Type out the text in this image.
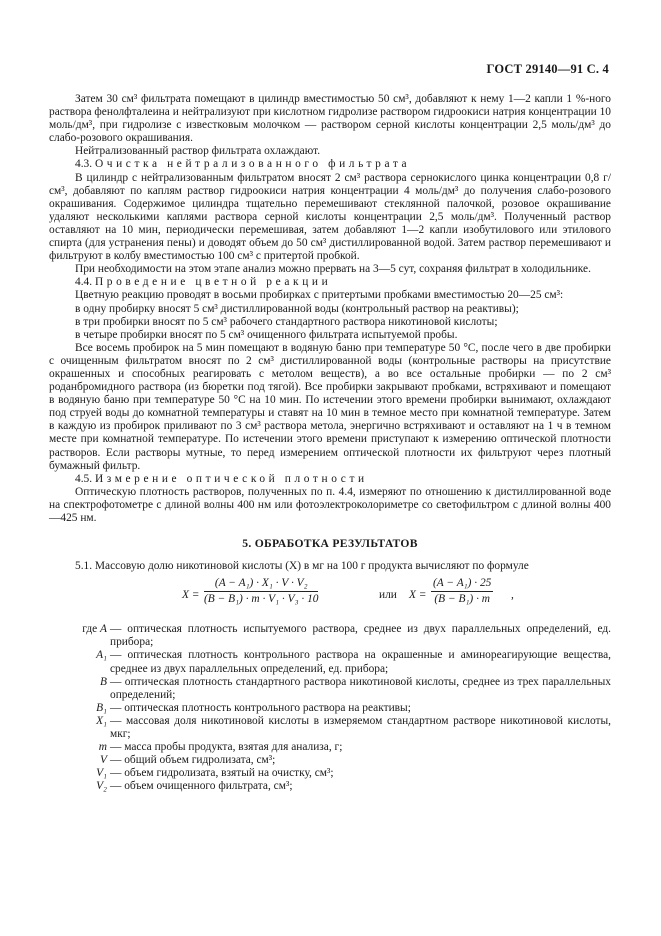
ГОСТ 29140—91 С. 4

Затем 30 см³ фильтрата помещают в цилиндр вместимостью 50 см³, добавляют к нему 1—2 капли 1 %-ного раствора фенолфталеина и нейтрализуют при кислотном гидролизе раствором гидроокиси натрия концентрации 10 моль/дм³, при гидролизе с известковым молочком — раствором серной кислоты концентрации 2,5 моль/дм³ до слабо-розового окрашивания.

Нейтрализованный раствор фильтрата охлаждают.

4.3. Очистка нейтрализованного фильтрата

В цилиндр с нейтрализованным фильтратом вносят 2 см³ раствора сернокислого цинка концентрации 0,8 г/см³, добавляют по каплям раствор гидроокиси натрия концентрации 4 моль/дм³ до получения слабо-розового окрашивания. Содержимое цилиндра тщательно перемешивают стеклянной палочкой, розовое окрашивание удаляют несколькими каплями раствора серной кислоты концентрации 2,5 моль/дм³. Полученный раствор оставляют на 10 мин, периодически перемешивая, затем добавляют 1—2 капли изобутилового или этилового спирта (для устранения пены) и доводят объем до 50 см³ дистиллированной водой. Затем раствор перемешивают и фильтруют в колбу вместимостью 100 см³ с притертой пробкой.

При необходимости на этом этапе анализ можно прервать на 3—5 сут, сохраняя фильтрат в холодильнике.

4.4. Проведение цветной реакции

Цветную реакцию проводят в восьми пробирках с притертыми пробками вместимостью 20—25 см³:

в одну пробирку вносят 5 см³ дистиллированной воды (контрольный раствор на реактивы);

в три пробирки вносят по 5 см³ рабочего стандартного раствора никотиновой кислоты;

в четыре пробирки вносят по 5 см³ очищенного фильтрата испытуемой пробы.

Все восемь пробирок на 5 мин помещают в водяную баню при температуре 50 °С, после чего в две пробирки с очищенным фильтратом вносят по 2 см³ дистиллированной воды (контрольные растворы на присутствие окрашенных и способных реагировать с метолом веществ), а во все остальные пробирки — по 2 см³ роданбромидного раствора (из бюретки под тягой). Все пробирки закрывают пробками, встряхивают и помещают в водяную баню при температуре 50 °С на 10 мин. По истечении этого времени пробирки вынимают, охлаждают под струей воды до комнатной температуры и ставят на 10 мин в темное место при комнатной температуре. Затем в каждую из пробирок приливают по 3 см³ раствора метола, энергично встряхивают и оставляют на 1 ч в темном месте при комнатной температуре. По истечении этого времени приступают к измерению оптической плотности растворов. Если растворы мутные, то перед измерением оптической плотности их фильтруют через плотный бумажный фильтр.

4.5. Измерение оптической плотности

Оптическую плотность растворов, полученных по п. 4.4, измеряют по отношению к дистиллированной воде на спектрофотометре с длиной волны 400 нм или фотоэлектроколориметре со светофильтром с длиной волны 400—425 нм.

5. ОБРАБОТКА РЕЗУЛЬТАТОВ

5.1. Массовую долю никотиновой кислоты (X) в мг на 100 г продукта вычисляют по формуле

$X = \frac{\text{(A − A₁) · X₁ · V · V₂}}{\text{(B − B₁) · m · V₁ · V₃ · 10}}$	или $X = \frac{\text{(A − A₁) · 25}}{\text{(B − B₁) · m}}$ ,
где A — оптическая плотность испытуемого раствора, среднее из двух параллельных определений, ед. прибора;
A₁ — оптическая плотность контрольного раствора на окрашенные и аминореагирующие вещества, среднее из двух параллельных определений, ед. прибора;
B — оптическая плотность стандартного раствора никотиновой кислоты, среднее из трех параллельных определений;
B₁ — оптическая плотность контрольного раствора на реактивы;
X₁ — массовая доля никотиновой кислоты в измеряемом стандартном растворе никотиновой кислоты, мкг;
m — масса пробы продукта, взятая для анализа, г;
V — общий объем гидролизата, см³;
V₁ — объем гидролизата, взятый на очистку, см³;
V₂ — объем очищенного фильтрата, см³;
